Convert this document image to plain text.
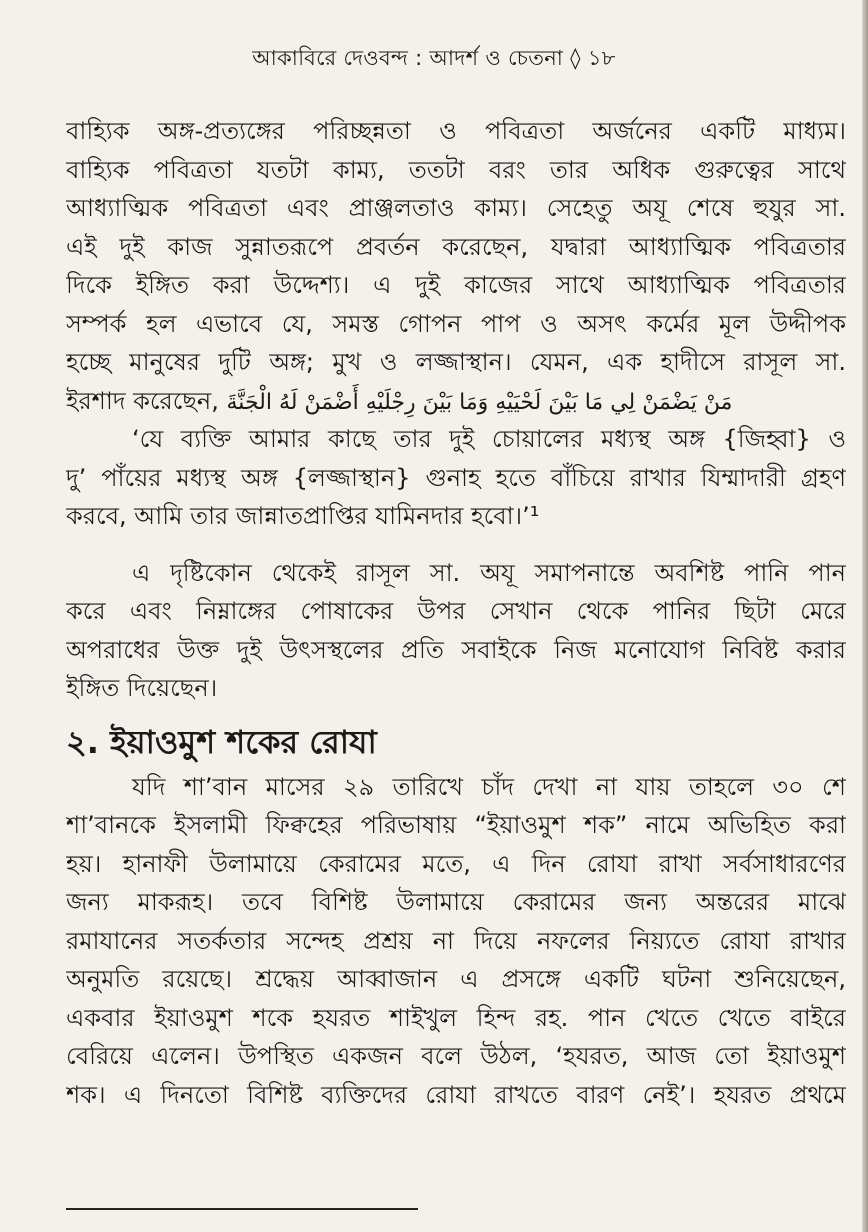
আকাবিরে দেওবন্দ : আদর্শ ও চেতনা ◊ ১৮
বাহ্যিক অঙ্গ-প্রত্যঙ্গের পরিচ্ছন্নতা ও পবিত্রতা অর্জনের একটি মাধ্যম।
বাহ্যিক পবিত্রতা যতটা কাম্য, ততটা বরং তার অধিক গুরুত্বের সাথে
আধ্যাত্মিক পবিত্রতা এবং প্রাঞ্জলতাও কাম্য। সেহেতু অযূ শেষে হুযুর সা.
এই দুই কাজ সুন্নাতরূপে প্রবর্তন করেছেন, যদ্বারা আধ্যাত্মিক পবিত্রতার
দিকে ইঙ্গিত করা উদ্দেশ্য। এ দুই কাজের সাথে আধ্যাত্মিক পবিত্রতার
সম্পর্ক হল এভাবে যে, সমস্ত গোপন পাপ ও অসৎ কর্মের মূল উদ্দীপক
হচ্ছে মানুষের দুটি অঙ্গ; মুখ ও লজ্জাস্থান। যেমন, এক হাদীসে রাসূল সা.
ইরশাদ করেছেন, مَنْ يَضْمَنْ لِي مَا بَيْنَ لَحْيَيْهِ وَمَا بَيْنَ رِجْلَيْهِ أَضْمَنْ لَهُ الْجَنَّةَ
‘যে ব্যক্তি আমার কাছে তার দুই চোয়ালের মধ্যস্থ অঙ্গ {জিহ্বা} ও
দু’ পাঁয়ের মধ্যস্থ অঙ্গ {লজ্জাস্থান} গুনাহ হতে বাঁচিয়ে রাখার যিম্মাদারী গ্রহণ
করবে, আমি তার জান্নাতপ্রাপ্তির যামিনদার হবো।’¹
এ দৃষ্টিকোন থেকেই রাসূল সা. অযূ সমাপনান্তে অবশিষ্ট পানি পান
করে এবং নিম্নাঙ্গের পোষাকের উপর সেখান থেকে পানির ছিটা মেরে
অপরাধের উক্ত দুই উৎসস্থলের প্রতি সবাইকে নিজ মনোযোগ নিবিষ্ট করার
ইঙ্গিত দিয়েছেন।
২. ইয়াওমুশ শকের রোযা
যদি শা’বান মাসের ২৯ তারিখে চাঁদ দেখা না যায় তাহলে ৩০ শে
শা’বানকে ইসলামী ফিক্বহের পরিভাষায় “ইয়াওমুশ শক” নামে অভিহিত করা
হয়। হানাফী উলামায়ে কেরামের মতে, এ দিন রোযা রাখা সর্বসাধারণের
জন্য মাকরূহ। তবে বিশিষ্ট উলামায়ে কেরামের জন্য অন্তরের মাঝে
রমাযানের সতর্কতার সন্দেহ প্রশ্রয় না দিয়ে নফলের নিয়্যতে রোযা রাখার
অনুমতি রয়েছে। শ্রদ্ধেয় আব্বাজান এ প্রসঙ্গে একটি ঘটনা শুনিয়েছেন,
একবার ইয়াওমুশ শকে হযরত শাইখুল হিন্দ রহ. পান খেতে খেতে বাইরে
বেরিয়ে এলেন। উপস্থিত একজন বলে উঠল, ‘হযরত, আজ তো ইয়াওমুশ
শক। এ দিনতো বিশিষ্ট ব্যক্তিদের রোযা রাখতে বারণ নেই’। হযরত প্রথমে
